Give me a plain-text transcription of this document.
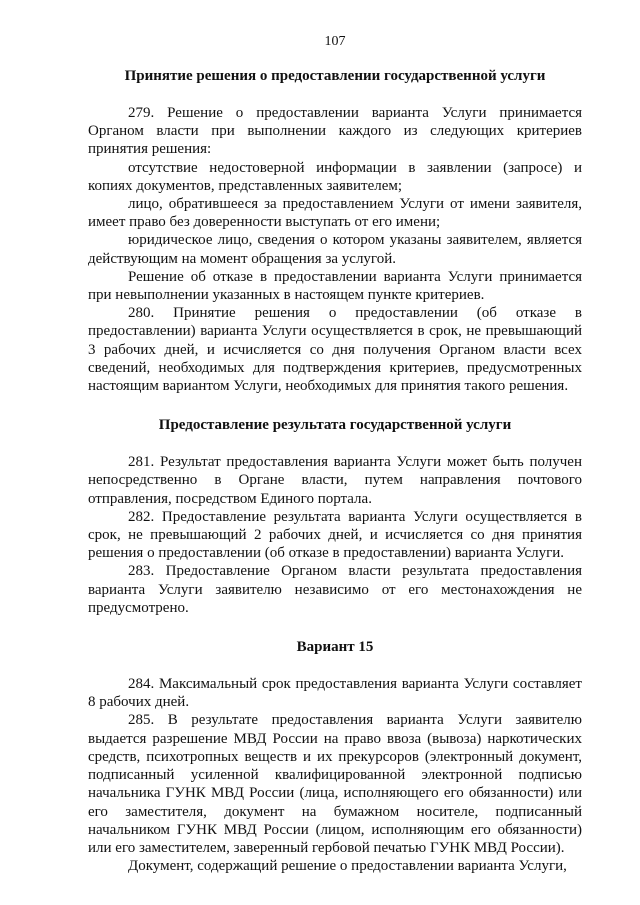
107
Принятие решения о предоставлении государственной услуги

279. Решение о предоставлении варианта Услуги принимается Органом власти при выполнении каждого из следующих критериев принятия решения:

отсутствие недостоверной информации в заявлении (запросе) и копиях документов, представленных заявителем;

лицо, обратившееся за предоставлением Услуги от имени заявителя, имеет право без доверенности выступать от его имени;

юридическое лицо, сведения о котором указаны заявителем, является действующим на момент обращения за услугой.

Решение об отказе в предоставлении варианта Услуги принимается при невыполнении указанных в настоящем пункте критериев.

280. Принятие решения о предоставлении (об отказе в предоставлении) варианта Услуги осуществляется в срок, не превышающий 3 рабочих дней, и исчисляется со дня получения Органом власти всех сведений, необходимых для подтверждения критериев, предусмотренных настоящим вариантом Услуги, необходимых для принятия такого решения.

Предоставление результата государственной услуги

281. Результат предоставления варианта Услуги может быть получен непосредственно в Органе власти, путем направления почтового отправления, посредством Единого портала.

282. Предоставление результата варианта Услуги осуществляется в срок, не превышающий 2 рабочих дней, и исчисляется со дня принятия решения о предоставлении (об отказе в предоставлении) варианта Услуги.

283. Предоставление Органом власти результата предоставления варианта Услуги заявителю независимо от его местонахождения не предусмотрено.

Вариант 15

284. Максимальный срок предоставления варианта Услуги составляет 8 рабочих дней.

285. В результате предоставления варианта Услуги заявителю выдается разрешение МВД России на право ввоза (вывоза) наркотических средств, психотропных веществ и их прекурсоров (электронный документ, подписанный усиленной квалифицированной электронной подписью начальника ГУНК МВД России (лица, исполняющего его обязанности) или его заместителя, документ на бумажном носителе, подписанный начальником ГУНК МВД России (лицом, исполняющим его обязанности) или его заместителем, заверенный гербовой печатью ГУНК МВД России).

Документ, содержащий решение о предоставлении варианта Услуги,
